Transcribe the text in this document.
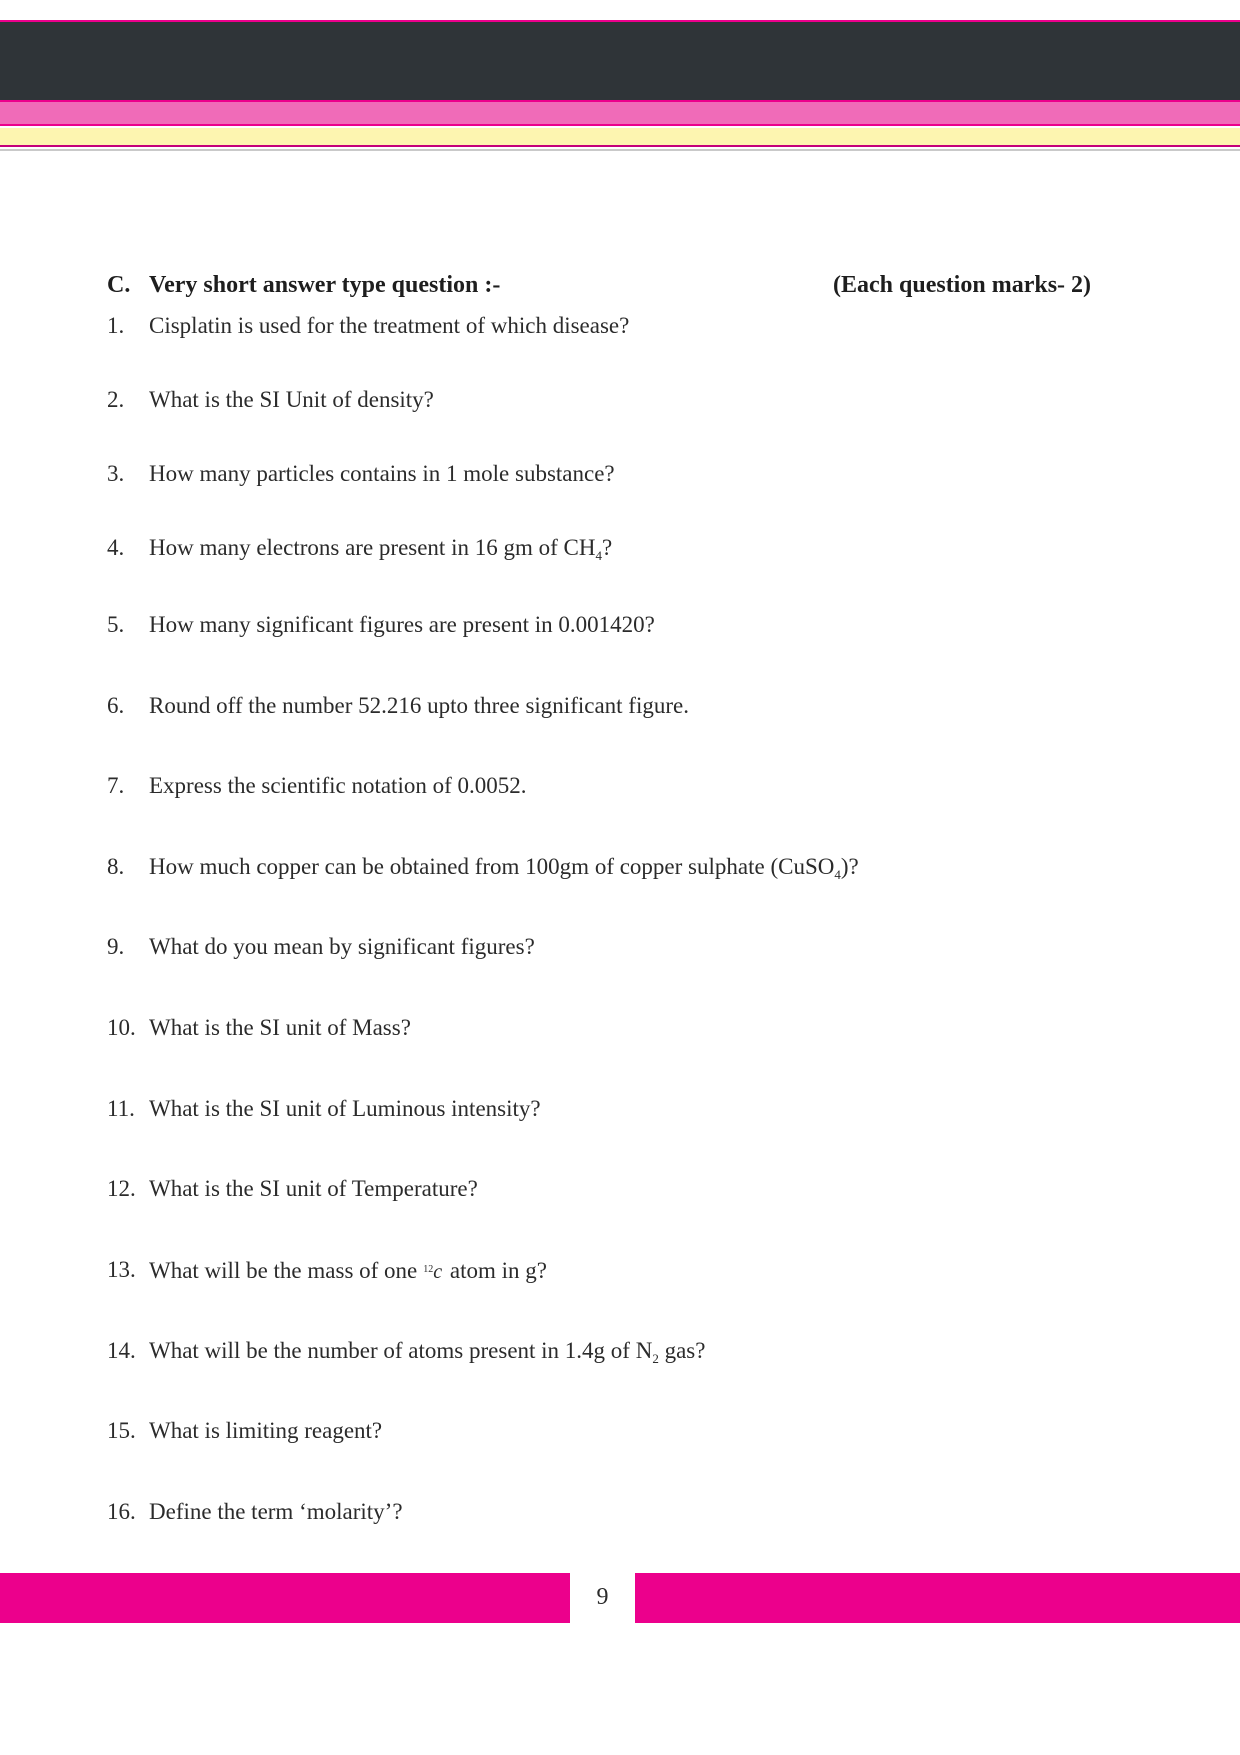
C. Very short answer type question :-	(Each question marks- 2)
1. Cisplatin is used for the treatment of which disease?
2. What is the SI Unit of density?
3. How many particles contains in 1 mole substance?
4. How many electrons are present in 16 gm of $CH_4$?
5. How many significant figures are present in 0.001420?
6. Round off the number 52.216 upto three significant figure.
7. Express the scientific notation of 0.0052.
8. How much copper can be obtained from 100gm of copper sulphate (CuSO$_4$)?
9. What do you mean by significant figures?
10. What is the SI unit of Mass?
11. What is the SI unit of Luminous intensity?
12. What is the SI unit of Temperature?
13. What will be the mass of one $^{12}$c atom in g?
14. What will be the number of atoms present in 1.4g of $N_2$ gas?
15. What is limiting reagent?
16. Define the term ‘molarity’?
9
